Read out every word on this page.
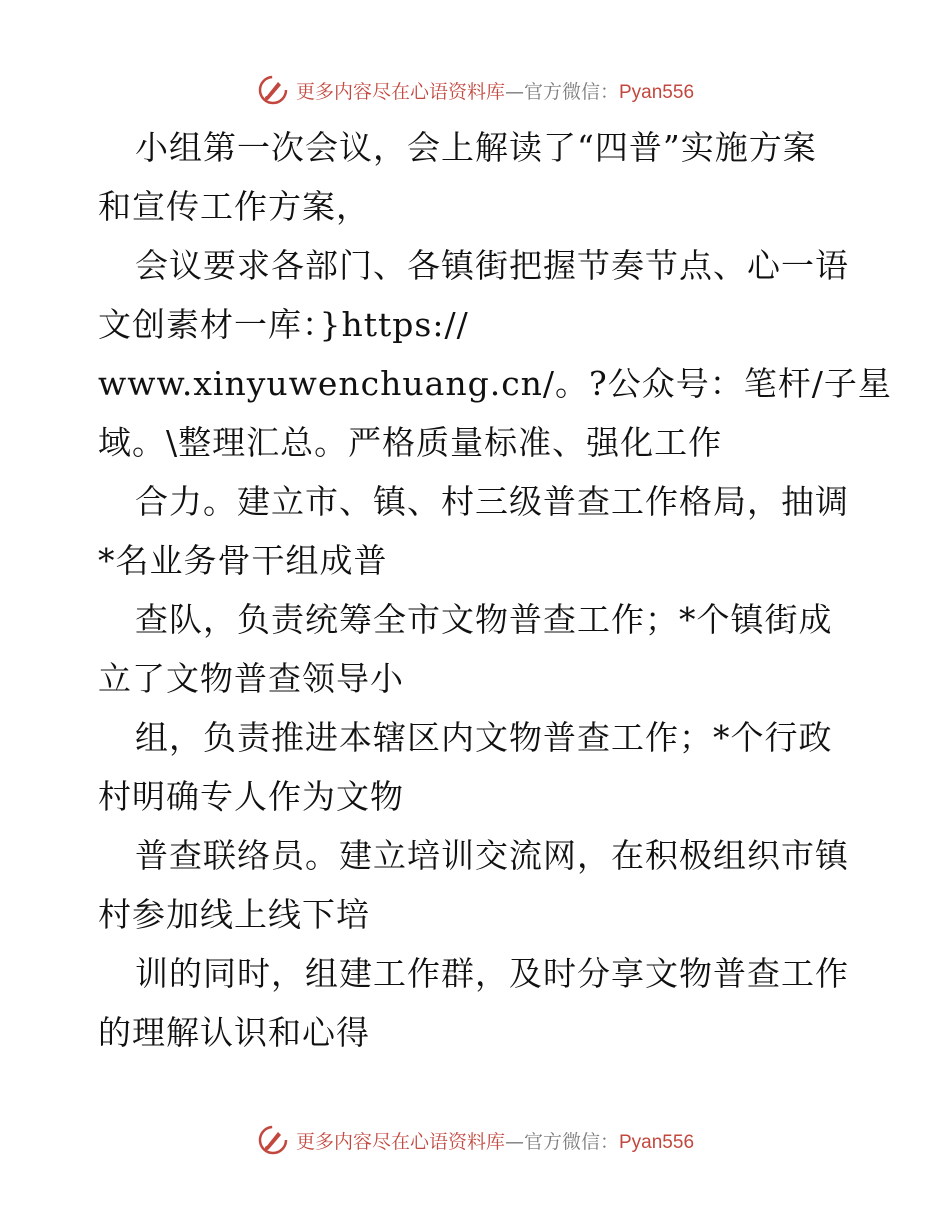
更多内容尽在心语资料库—官方微信：Pyan556
小组第一次会议，会上解读了“四普”实施方案
和宣传工作方案，
会议要求各部门、各镇街把握节奏节点、心一语
文创素材一库：}https://
www.xinyuwenchuang.cn/。?公众号：笔杆/子星
域。\整理汇总。严格质量标准、强化工作
合力。建立市、镇、村三级普查工作格局，抽调
*名业务骨干组成普
查队，负责统筹全市文物普查工作；*个镇街成
立了文物普查领导小
组，负责推进本辖区内文物普查工作；*个行政
村明确专人作为文物
普查联络员。建立培训交流网，在积极组织市镇
村参加线上线下培
训的同时，组建工作群，及时分享文物普查工作
的理解认识和心得
更多内容尽在心语资料库—官方微信：Pyan556
